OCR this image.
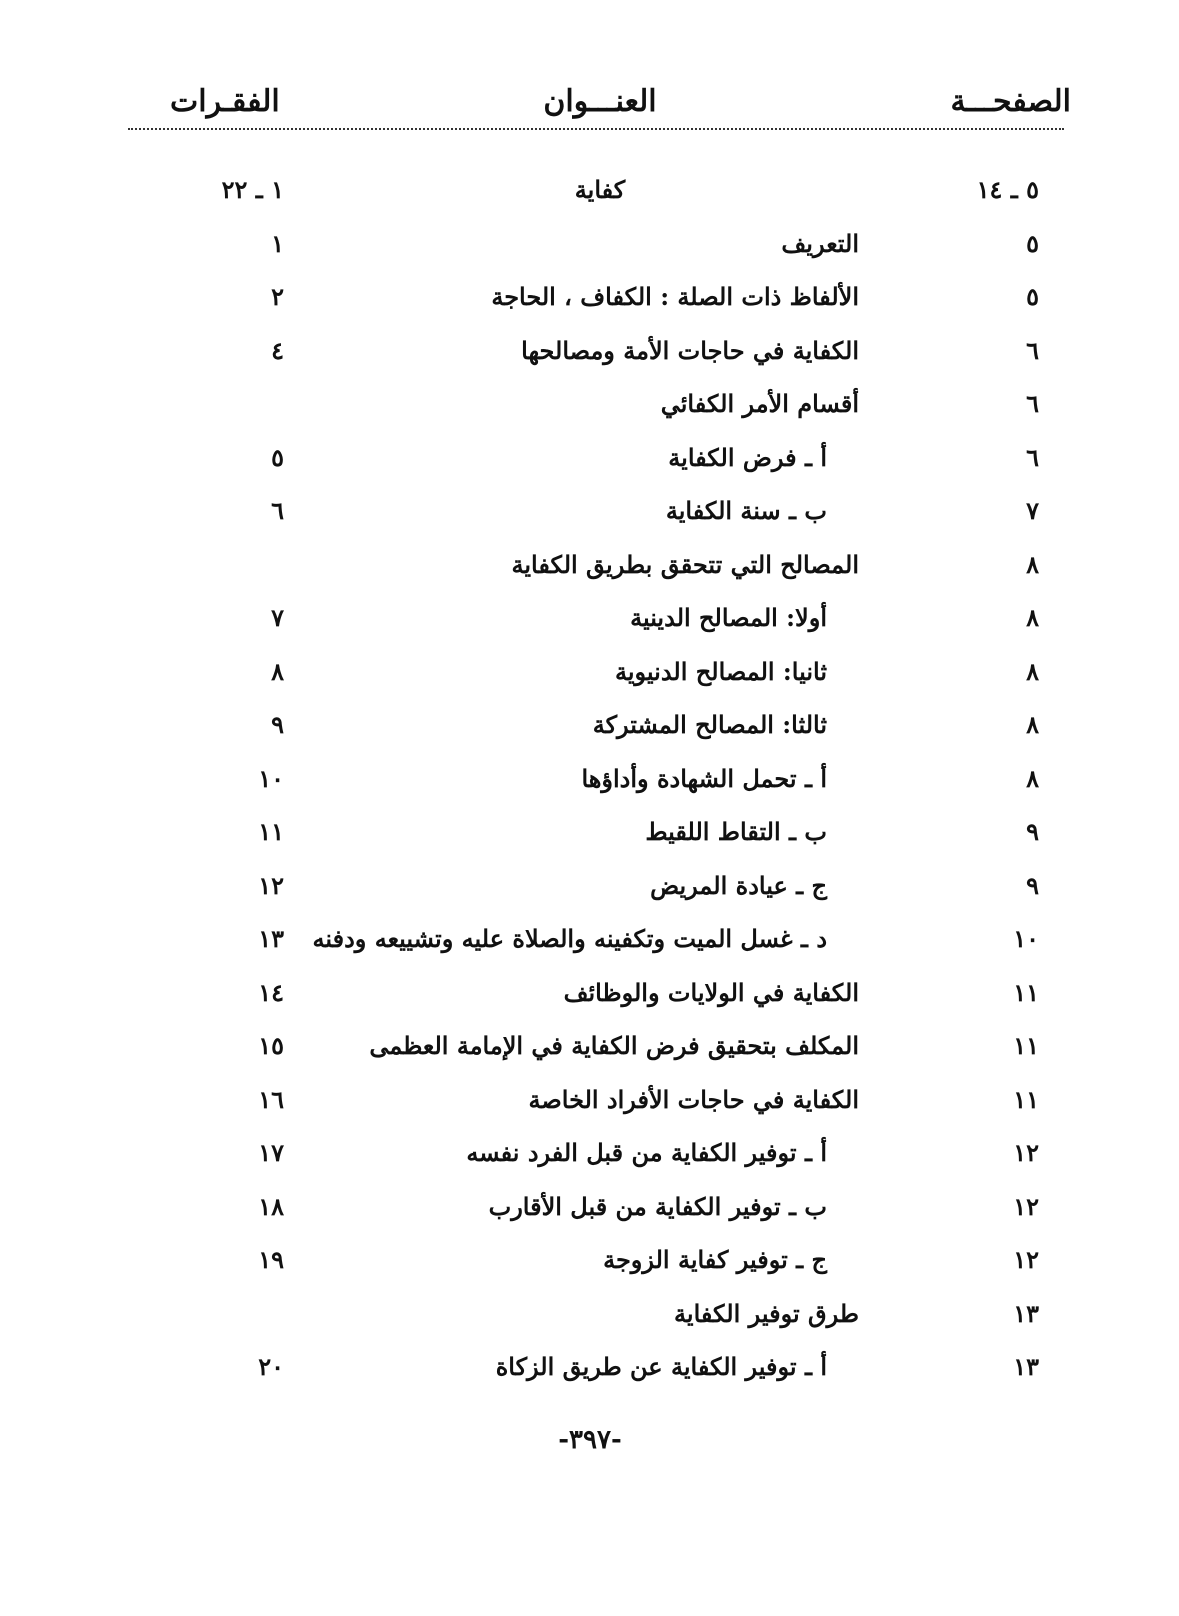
الصفحـــة
العنـــوان
الفقـرات
٥ ـ ١٤
كفاية
١ ـ ٢٢
٥
التعريف
١
٥
الألفاظ ذات الصلة : الكفاف ، الحاجة
٢
٦
الكفاية في حاجات الأمة ومصالحها
٤
٦
أقسام الأمر الكفائي
٦
أ ـ فرض الكفاية
٥
٧
ب ـ سنة الكفاية
٦
٨
المصالح التي تتحقق بطريق الكفاية
٨
أولا: المصالح الدينية
٧
٨
ثانيا: المصالح الدنيوية
٨
٨
ثالثا: المصالح المشتركة
٩
٨
أ ـ تحمل الشهادة وأداؤها
١٠
٩
ب ـ التقاط اللقيط
١١
٩
ج ـ عيادة المريض
١٢
١٠
د ـ غسل الميت وتكفينه والصلاة عليه وتشييعه ودفنه
١٣
١١
الكفاية في الولايات والوظائف
١٤
١١
المكلف بتحقيق فرض الكفاية في الإمامة العظمى
١٥
١١
الكفاية في حاجات الأفراد الخاصة
١٦
١٢
أ ـ توفير الكفاية من قبل الفرد نفسه
١٧
١٢
ب ـ توفير الكفاية من قبل الأقارب
١٨
١٢
ج ـ توفير كفاية الزوجة
١٩
١٣
طرق توفير الكفاية
١٣
أ ـ توفير الكفاية عن طريق الزكاة
٢٠
-٣٩٧-
